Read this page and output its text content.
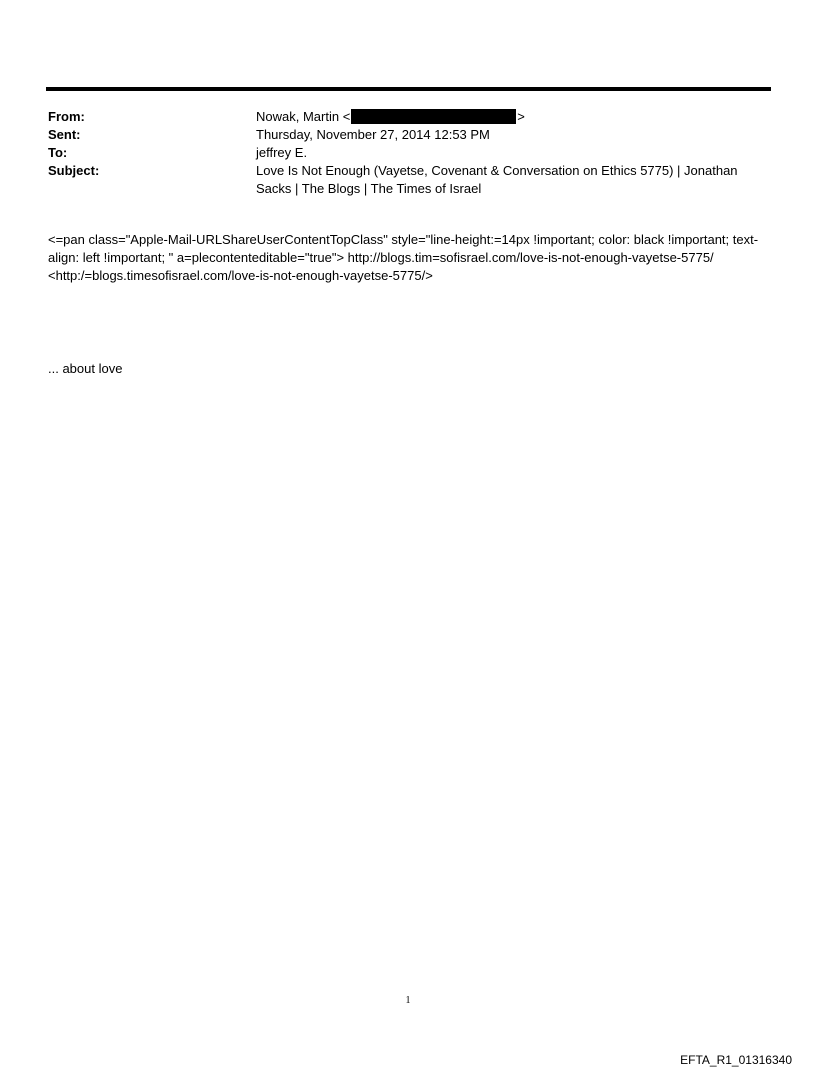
From:	Nowak, Martin <	>
Sent:	Thursday, November 27, 2014 12:53 PM
To:	jeffrey E.
Subject:	Love Is Not Enough (Vayetse, Covenant & Conversation on Ethics 5775) | Jonathan Sacks | The Blogs | The Times of Israel

<=pan class="Apple-Mail-URLShareUserContentTopClass" style="line-height:=14px !important; color: black !important; text-align: left !important; " a=plecontenteditable="true"> http://blogs.tim=sofisrael.com/love-is-not-enough-vayetse-5775/ <http:/=blogs.timesofisrael.com/love-is-not-enough-vayetse-5775/>

... about love
1
EFTA_R1_01316340
